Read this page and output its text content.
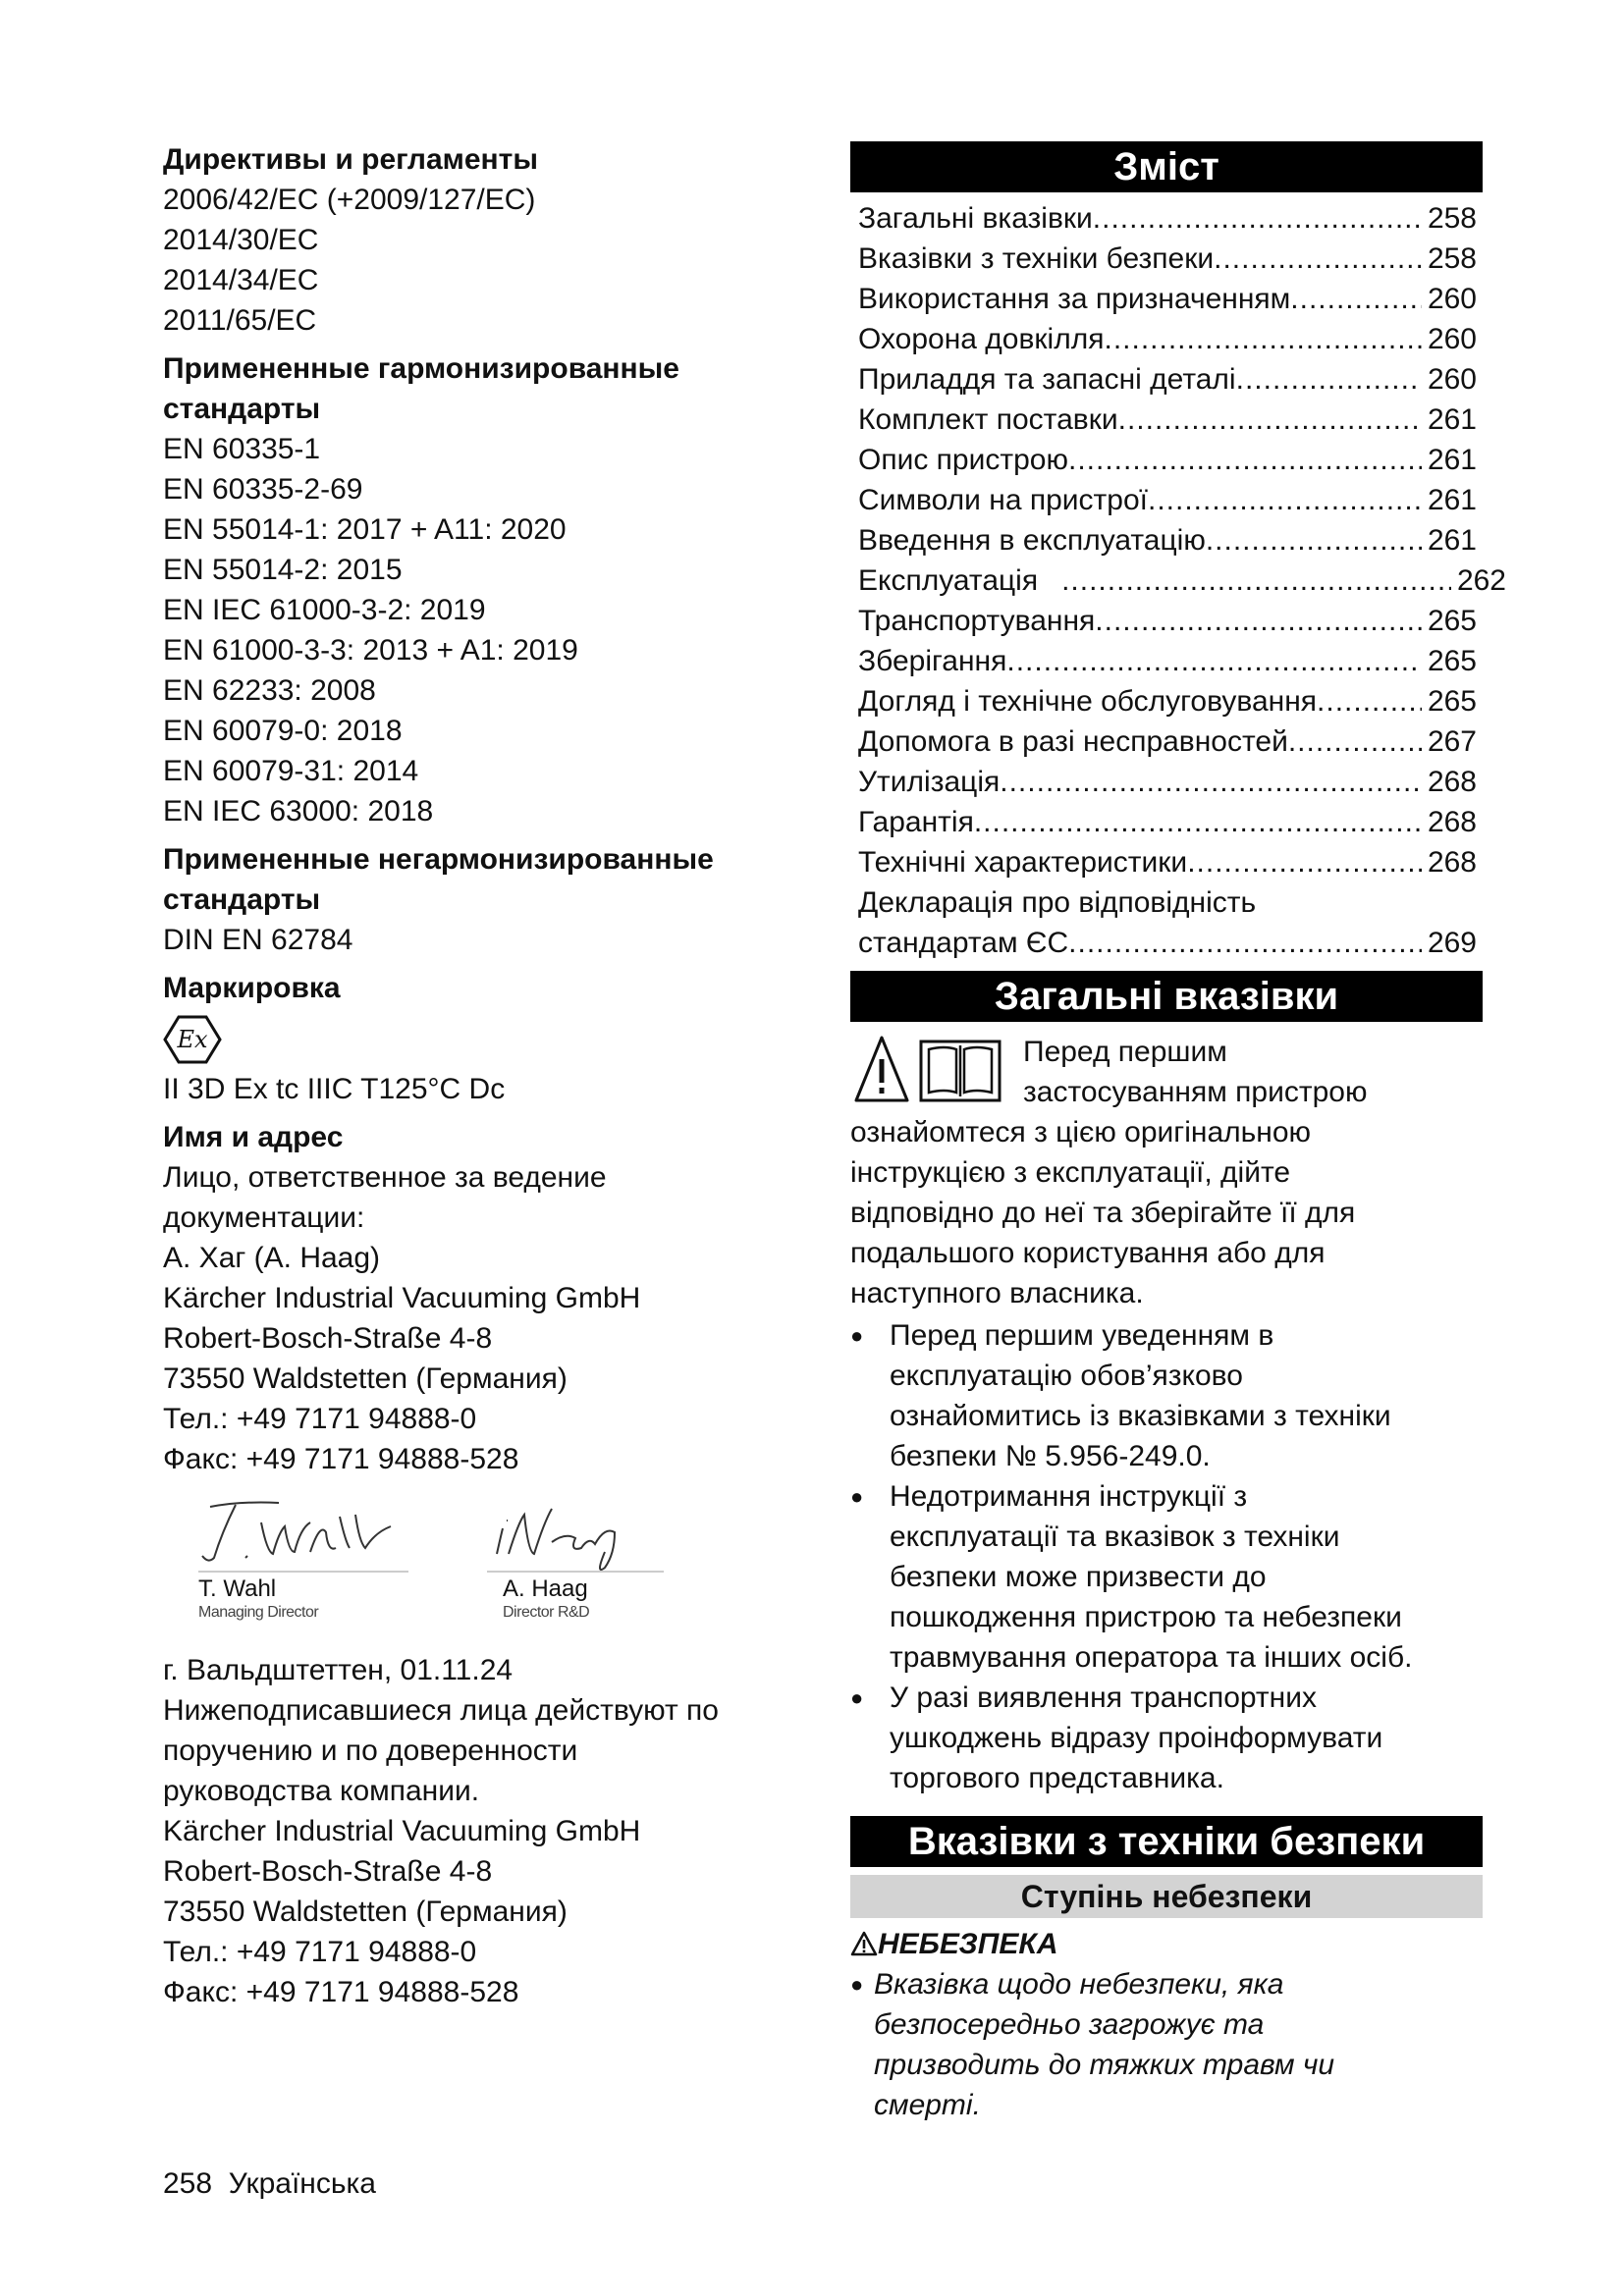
Директивы и регламенты
2006/42/EC (+2009/127/EC)
2014/30/EC
2014/34/EC
2011/65/EC
Примененные гармонизированные
стандарты
EN 60335-1
EN 60335-2-69
EN 55014-1: 2017 + A11: 2020
EN 55014-2: 2015
EN IEC 61000-3-2: 2019
EN 61000-3-3: 2013 + A1: 2019
EN 62233: 2008
EN 60079-0: 2018
EN 60079-31: 2014
EN IEC 63000: 2018
Примененные негармонизированные
стандарты
DIN EN 62784
Маркировка
Ex
II 3D Ex tc IIIC T125°C Dc
Имя и адрес
Лицо, ответственное за ведение
документации:
А. Хаг (A. Haag)
Kärcher Industrial Vacuuming GmbH
Robert-Bosch-Straße 4-8
73550 Waldstetten (Германия)
Тел.: +49 7171 94888-0
Факс: +49 7171 94888-528
T. Wahl
Managing Director
A. Haag
Director R&D
г. Вальдштеттен, 01.11.24
Нижеподписавшиеся лица действуют по
поручению и по доверенности
руководства компании.
Kärcher Industrial Vacuuming GmbH
Robert-Bosch-Straße 4-8
73550 Waldstetten (Германия)
Тел.: +49 7171 94888-0
Факс: +49 7171 94888-528
Зміст
Загальні вказівки .....	258
Вказівки з техніки безпеки .....	258
Використання за призначенням .....	260
Охорона довкілля .....	260
Приладдя та запасні деталі .....	260
Комплект поставки .....	261
Опис пристрою .....	261
Символи на пристрої .....	261
Введення в експлуатацію .....	261
Експлуатація .....	262
Транспортування .....	265
Зберігання .....	265
Догляд і технічне обслуговування .....	265
Допомога в разі несправностей .....	267
Утилізація .....	268
Гарантія .....	268
Технічні характеристики .....	268
Декларація про відповідність
стандартам ЄС .....	269
Загальні вказівки

Перед першим

застосуванням пристрою

ознайомтеся з цією оригінальною

інструкцією з експлуатації, дійте

відповідно до неї та зберігайте її для

подальшого користування або для

наступного власника.

● Перед першим уведенням в
експлуатацію обов’язково
ознайомитись із вказівками з техніки
безпеки № 5.956-249.0.
● Недотримання інструкції з
експлуатації та вказівок з техніки
безпеки може призвести до
пошкодження пристрою та небезпеки
травмування оператора та інших осіб.
● У разі виявлення транспортних
ушкоджень відразу проінформувати
торгового представника.
Вказівки з техніки безпеки
Ступінь небезпеки
НЕБЕЗПЕКА
● Вказівка щодо небезпеки, яка
безпосередньо загрожує та
призводить до тяжких травм чи
смерті.
258 Українська
